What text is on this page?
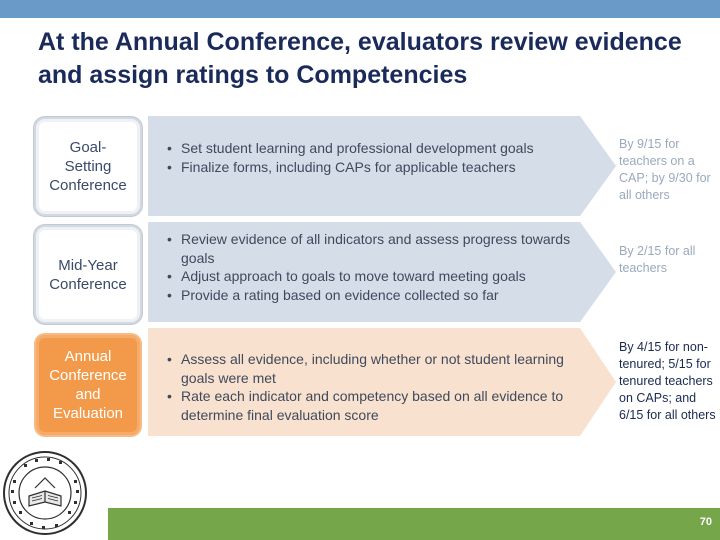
At the Annual Conference, evaluators review evidence and assign ratings to Competencies
Goal-
Setting
Conference
Mid-Year
Conference
Annual
Conference
and
Evaluation
• Set student learning and professional development goals
• Finalize forms, including CAPs for applicable teachers
• Review evidence of all indicators and assess progress towards goals
• Adjust approach to goals to move toward meeting goals
• Provide a rating based on evidence collected so far
• Assess all evidence, including whether or not student learning goals were met
• Rate each indicator and competency based on all evidence to determine final evaluation score
By 9/15 for teachers on a CAP; by 9/30 for all others
By 2/15 for all teachers
By 4/15 for non-tenured; 5/15 for tenured teachers on CAPs; and 6/15 for all others
70
